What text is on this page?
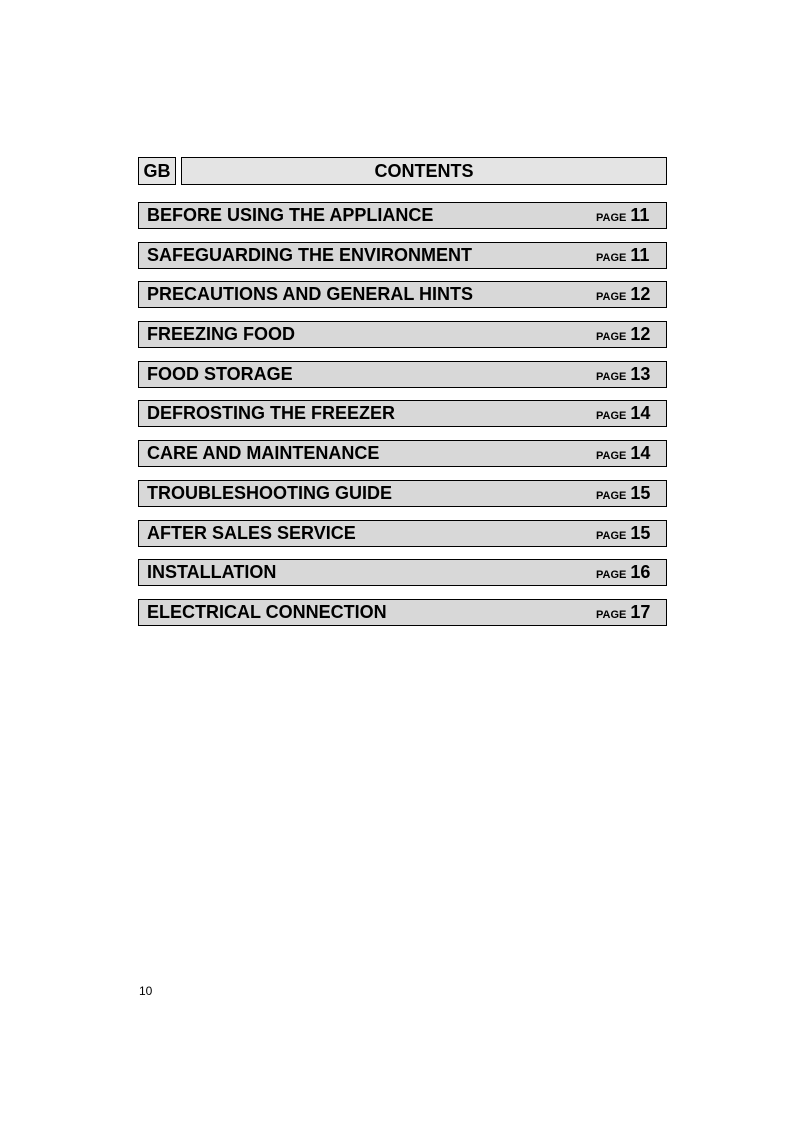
GB	CONTENTS
BEFORE USING THE APPLIANCE	PAGE 11
SAFEGUARDING THE ENVIRONMENT	PAGE 11
PRECAUTIONS AND GENERAL HINTS	PAGE 12
FREEZING FOOD	PAGE 12
FOOD STORAGE	PAGE 13
DEFROSTING THE FREEZER	PAGE 14
CARE AND MAINTENANCE	PAGE 14
TROUBLESHOOTING GUIDE	PAGE 15
AFTER SALES SERVICE	PAGE 15
INSTALLATION	PAGE 16
ELECTRICAL CONNECTION	PAGE 17
10
